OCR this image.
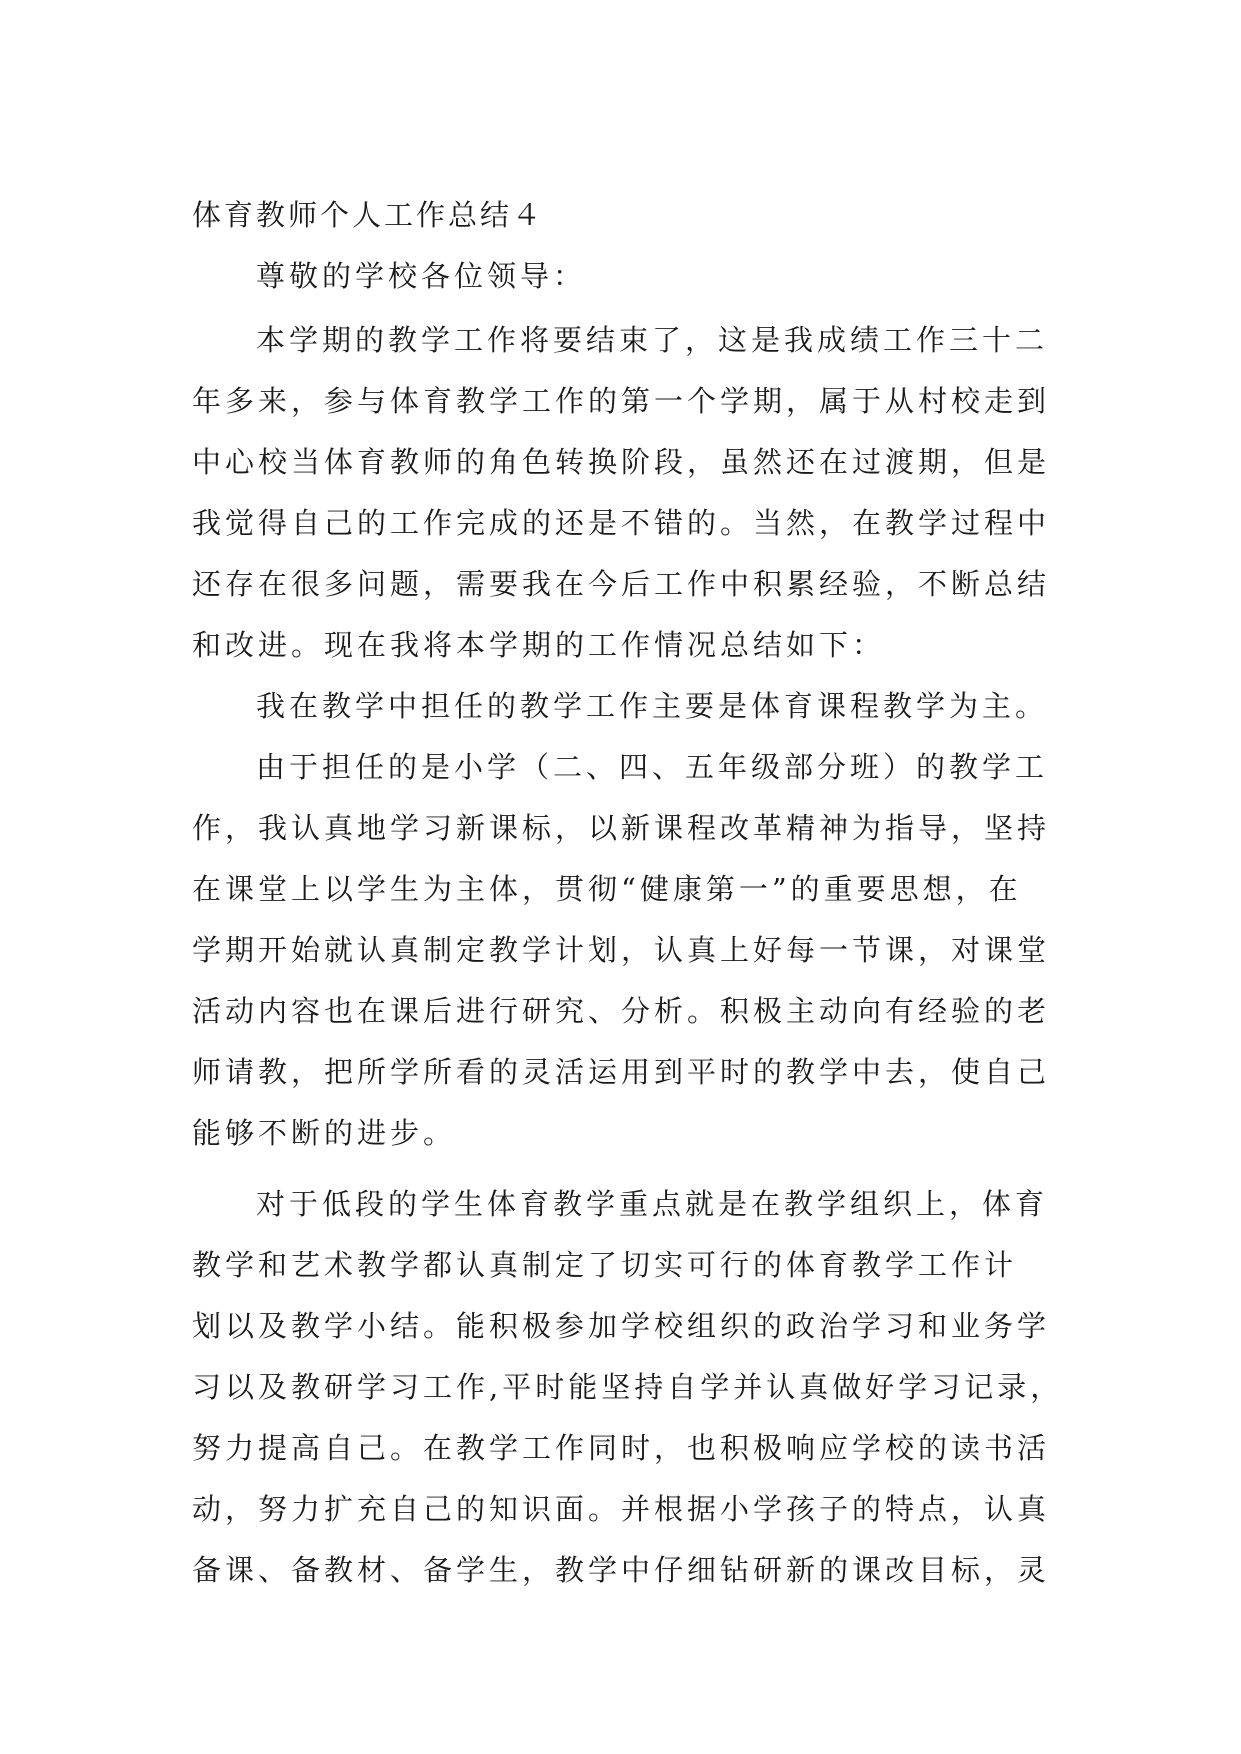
体育教师个人工作总结４
尊敬的学校各位领导：
本学期的教学工作将要结束了，这是我成绩工作三十二
年多来，参与体育教学工作的第一个学期，属于从村校走到
中心校当体育教师的角色转换阶段，虽然还在过渡期，但是
我觉得自己的工作完成的还是不错的。当然，在教学过程中
还存在很多问题，需要我在今后工作中积累经验，不断总结
和改进。现在我将本学期的工作情况总结如下：
我在教学中担任的教学工作主要是体育课程教学为主。
由于担任的是小学（二、四、五年级部分班）的教学工
作，我认真地学习新课标，以新课程改革精神为指导，坚持
在课堂上以学生为主体，贯彻“健康第一”的重要思想，在
学期开始就认真制定教学计划，认真上好每一节课，对课堂
活动内容也在课后进行研究、分析。积极主动向有经验的老
师请教，把所学所看的灵活运用到平时的教学中去，使自己
能够不断的进步。
对于低段的学生体育教学重点就是在教学组织上，体育
教学和艺术教学都认真制定了切实可行的体育教学工作计
划以及教学小结。能积极参加学校组织的政治学习和业务学
习以及教研学习工作,平时能坚持自学并认真做好学习记录，
努力提高自己。在教学工作同时，也积极响应学校的读书活
动，努力扩充自己的知识面。并根据小学孩子的特点，认真
备课、备教材、备学生，教学中仔细钻研新的课改目标，灵
